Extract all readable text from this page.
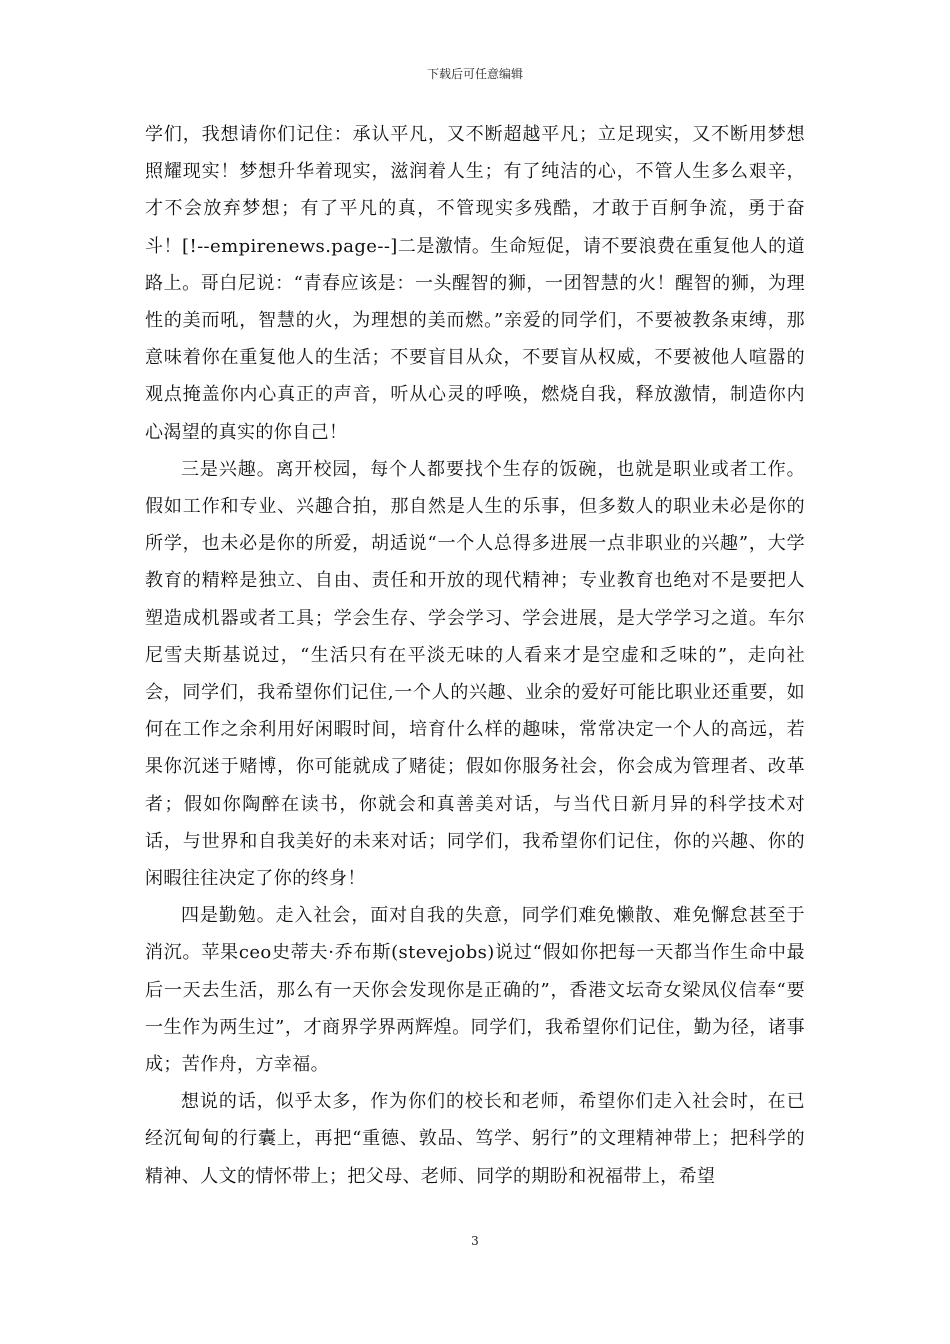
下载后可任意编辑

学们，我想请你们记住：承认平凡，又不断超越平凡；立足现实，又不断用梦想照耀现实！梦想升华着现实，滋润着人生；有了纯洁的心，不管人生多么艰辛，才不会放弃梦想；有了平凡的真，不管现实多残酷，才敢于百舸争流，勇于奋斗！[!--empirenews.page--]二是激情。生命短促，请不要浪费在重复他人的道路上。哥白尼说：“青春应该是：一头醒智的狮，一团智慧的火！醒智的狮，为理性的美而吼，智慧的火，为理想的美而燃。”亲爱的同学们，不要被教条束缚，那意味着你在重复他人的生活；不要盲目从众，不要盲从权威，不要被他人喧嚣的观点掩盖你内心真正的声音，听从心灵的呼唤，燃烧自我，释放激情，制造你内心渴望的真实的你自己！

三是兴趣。离开校园，每个人都要找个生存的饭碗，也就是职业或者工作。假如工作和专业、兴趣合拍，那自然是人生的乐事，但多数人的职业未必是你的所学，也未必是你的所爱，胡适说“一个人总得多进展一点非职业的兴趣”，大学教育的精粹是独立、自由、责任和开放的现代精神；专业教育也绝对不是要把人塑造成机器或者工具；学会生存、学会学习、学会进展，是大学学习之道。车尔尼雪夫斯基说过，“生活只有在平淡无味的人看来才是空虚和乏味的”，走向社会，同学们，我希望你们记住,一个人的兴趣、业余的爱好可能比职业还重要，如何在工作之余利用好闲暇时间，培育什么样的趣味，常常决定一个人的高远，若果你沉迷于赌博，你可能就成了赌徒；假如你服务社会，你会成为管理者、改革者；假如你陶醉在读书，你就会和真善美对话，与当代日新月异的科学技术对话，与世界和自我美好的未来对话；同学们，我希望你们记住，你的兴趣、你的闲暇往往决定了你的终身！

四是勤勉。走入社会，面对自我的失意，同学们难免懒散、难免懈怠甚至于消沉。苹果ceo史蒂夫·乔布斯(stevejobs)说过“假如你把每一天都当作生命中最后一天去生活，那么有一天你会发现你是正确的”，香港文坛奇女梁凤仪信奉“要一生作为两生过”，才商界学界两辉煌。同学们，我希望你们记住，勤为径，诸事成；苦作舟，方幸福。

想说的话，似乎太多，作为你们的校长和老师，希望你们走入社会时，在已经沉甸甸的行囊上，再把“重德、敦品、笃学、躬行”的文理精神带上；把科学的精神、人文的情怀带上；把父母、老师、同学的期盼和祝福带上，希望

3
